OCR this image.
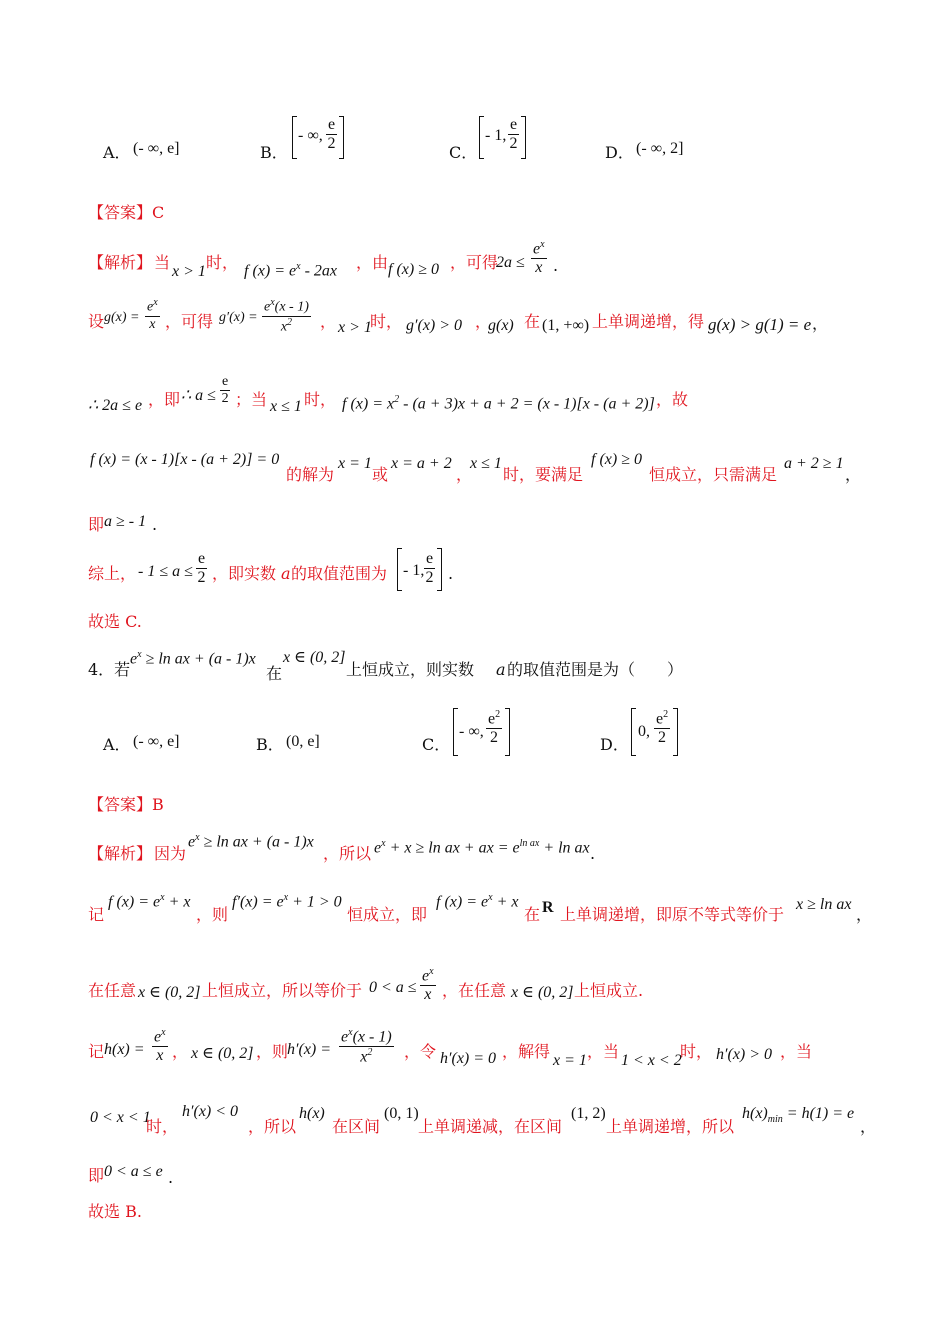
A． (- ∞, e]	B．
- ∞,
e
2	C．
- 1,
e
2	D． (- ∞, 2]
【答案】C
【解析】 当 x > 1 时， f $(x) = e^x - 2ax$ ，由 f (x) ≥ 0 ，可得
2a ≤
$e^x$
x .
设 g(x) =
$e^x$
x ，可得 g′(x) =
$e^x(x - 1)$
$x^2$	， x > 1
时， g′(x) > 0 ，
g(x) 在 (1, +∞) 上单调递增，得 g(x) > g(1) = e ，
∴ 2a ≤ e ，即 ∴ a ≤
e
2 ；当 x ≤ 1 时， f $(x) = x^2 - (a + 3)x + a + 2 = (x - 1)[x - (a + 2)]$ ，故
f (x) = (x - 1)[x - (a + 2)] = 0
的解为
x = 1
或
x = a + 2
，
x ≤ 1
时，要满足
f (x) ≥ 0
恒成立，只需满足
a + 2 ≥ 1
，
即 a ≥ - 1 .
综上， - 1 ≤ a ≤
e
2 ，即实数 a 的取值范围为 - 1,
e
2 .
故选 C.
4．若
$e^x \ge \ln$ ax + (a - 1)x
在
x ∈ (0, 2]
上恒成立，则实数 a 的取值范围是为（　　）
A． (- ∞, e]	B． (0, e]	C．
- ∞,
$e^2$
2	D．
0,
$e^2$
2
【答案】B
【解析】 因为
$e^x \ge \ln$ ax + (a - 1)x
，所以 $e^x + x \ge \ln$ ax + ax = $e^{ln ax} + \ln$ ax .
记
f $(x) = e^x + x$
，则
$f'(x) = e^x + 1 > 0$
恒成立，即
f $(x) = e^x + x$
在 R 上单调递增，即原不等式等价于
x ≥ ln ax
，
在任意 x ∈ (0, 2] 上恒成立，所以等价于 0 < a ≤
$e^x$
x ，在任意 x ∈ (0, 2] 上恒成立.
记 h(x) =
$e^x$
x ， x ∈ (0, 2] ，则
h′(x) =
$e^x(x - 1)$
$x^2$	，令 h′(x) = 0 ，解得 x = 1 ，当 1 < x < 2
时， h′(x) > 0 ，当
0 < x < 1
时，
h′(x) < 0
，所以
h(x)
在区间
(0, 1)
上单调递减，在区间
(1, 2)
上单调递增，所以
$h(x)_{min} = h(1) = e$
，
即 0 < a ≤ e .
故选 B.
